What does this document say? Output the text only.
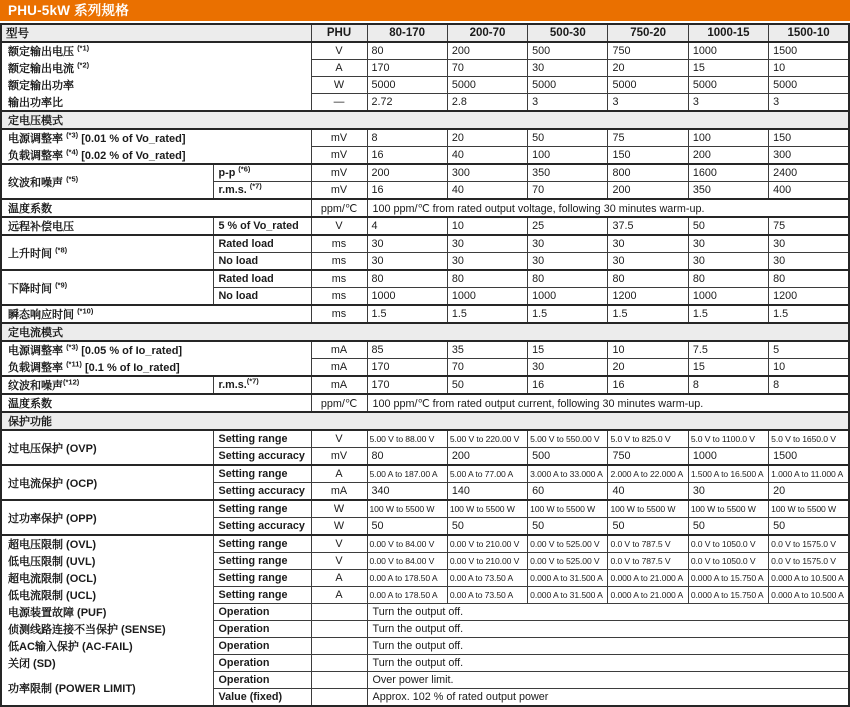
PHU-5kW 系列规格
型号		PHU	80-170	200-70	500-30	750-20	1000-15	1500-10
额定输出电压 $^{(*1)}$		V	80	200	500	750	1000	1500
额定输出电流 $^{(*2)}$		A	170	70	30	20	15	10
额定输出功率		W	5000	5000	5000	5000	5000	5000
输出功率比		—	2.72	2.8	3	3	3	3
定电压模式								
电源调整率 $^{(*3)}$ [0.01 % of Vo_rated]		mV	8	20	50	75	100	150
负载调整率 $^{(*4)}$ [0.02 % of Vo_rated]		mV	16	40	100	150	200	300
纹波和噪声 $^{(*5)}$	p-p $^{(*6)}$	mV	200	300	350	800	1600	2400
	r.m.s. $^{(*7)}$	mV	16	40	70	200	350	400
温度系数		ppm/℃	100 ppm/℃ from rated output voltage, following 30 minutes warm-up.					
远程补偿电压	5 % of Vo_rated	V	4	10	25	37.5	50	75
上升时间 $^{(*8)}$	Rated load	ms	30	30	30	30	30	30
	No load	ms	30	30	30	30	30	30
下降时间 $^{(*9)}$	Rated load	ms	80	80	80	80	80	80
	No load	ms	1000	1000	1000	1200	1000	1200
瞬态响应时间 $^{(*10)}$		ms	1.5	1.5	1.5	1.5	1.5	1.5
定电流模式								
电源调整率 $^{(*3)}$ [0.05 % of Io_rated]		mA	85	35	15	10	7.5	5
负载调整率 $^{(*11)}$ [0.1 % of Io_rated]		mA	170	70	30	20	15	10
纹波和噪声$^{(*12)}$	r.m.s.$^{(*7)}$	mA	170	50	16	16	8	8
温度系数		ppm/℃	100 ppm/℃ from rated output current, following 30 minutes warm-up.					
保护功能								
过电压保护 (OVP)	Setting range	V	5.00 V to 88.00 V	5.00 V to 220.00 V	5.00 V to 550.00 V	5.0 V to 825.0 V	5.0 V to 1100.0 V	5.0 V to 1650.0 V
	Setting accuracy	mV	80	200	500	750	1000	1500
过电流保护 (OCP)	Setting range	A	5.00 A to 187.00 A	5.00 A to 77.00 A	3.000 A to 33.000 A	2.000 A to 22.000 A	1.500 A to 16.500 A	1.000 A to 11.000 A
	Setting accuracy	mA	340	140	60	40	30	20
过功率保护 (OPP)	Setting range	W	100 W to 5500 W	100 W to 5500 W	100 W to 5500 W	100 W to 5500 W	100 W to 5500 W	100 W to 5500 W
	Setting accuracy	W	50	50	50	50	50	50
超电压限制 (OVL)	Setting range	V	0.00 V to 84.00 V	0.00 V to 210.00 V	0.00 V to 525.00 V	0.0 V to 787.5 V	0.0 V to 1050.0 V	0.0 V to 1575.0 V
低电压限制 (UVL)	Setting range	V	0.00 V to 84.00 V	0.00 V to 210.00 V	0.00 V to 525.00 V	0.0 V to 787.5 V	0.0 V to 1050.0 V	0.0 V to 1575.0 V
超电流限制 (OCL)	Setting range	A	0.00 A to 178.50 A	0.00 A to 73.50 A	0.000 A to 31.500 A	0.000 A to 21.000 A	0.000 A to 15.750 A	0.000 A to 10.500 A
低电流限制 (UCL)	Setting range	A	0.00 A to 178.50 A	0.00 A to 73.50 A	0.000 A to 31.500 A	0.000 A to 21.000 A	0.000 A to 15.750 A	0.000 A to 10.500 A
电源装置故障 (PUF)	Operation		Turn the output off.					
侦测线路连接不当保护 (SENSE)	Operation		Turn the output off.					
低AC输入保护 (AC-FAIL)	Operation		Turn the output off.					
关闭 (SD)	Operation		Turn the output off.					
功率限制 (POWER LIMIT)	Operation		Over power limit.					
	Value (fixed)		Approx. 102 % of rated output power					
